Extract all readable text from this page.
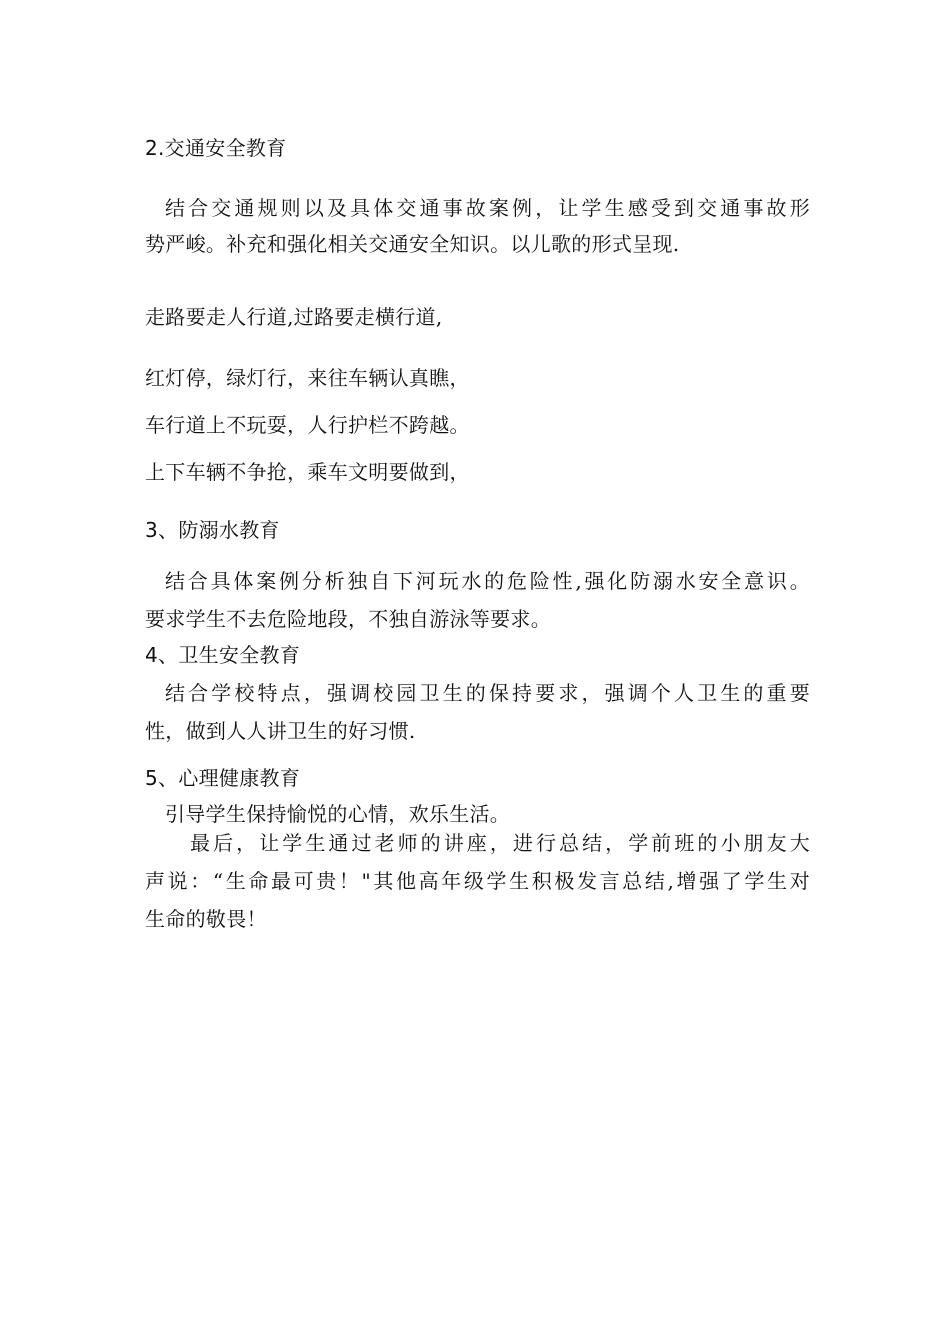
2.交通安全教育
结合交通规则以及具体交通事故案例，让学生感受到交通事故形
势严峻。补充和强化相关交通安全知识。以儿歌的形式呈现.
走路要走人行道,过路要走横行道,
红灯停，绿灯行，来往车辆认真瞧，
车行道上不玩耍，人行护栏不跨越。
上下车辆不争抢，乘车文明要做到，
3、防溺水教育
结合具体案例分析独自下河玩水的危险性,强化防溺水安全意识。
要求学生不去危险地段，不独自游泳等要求。
4、卫生安全教育
结合学校特点，强调校园卫生的保持要求，强调个人卫生的重要
性，做到人人讲卫生的好习惯.
5、心理健康教育
引导学生保持愉悦的心情，欢乐生活。
最后，让学生通过老师的讲座，进行总结，学前班的小朋友大
声说：“生命最可贵！"其他高年级学生积极发言总结,增强了学生对
生命的敬畏！
